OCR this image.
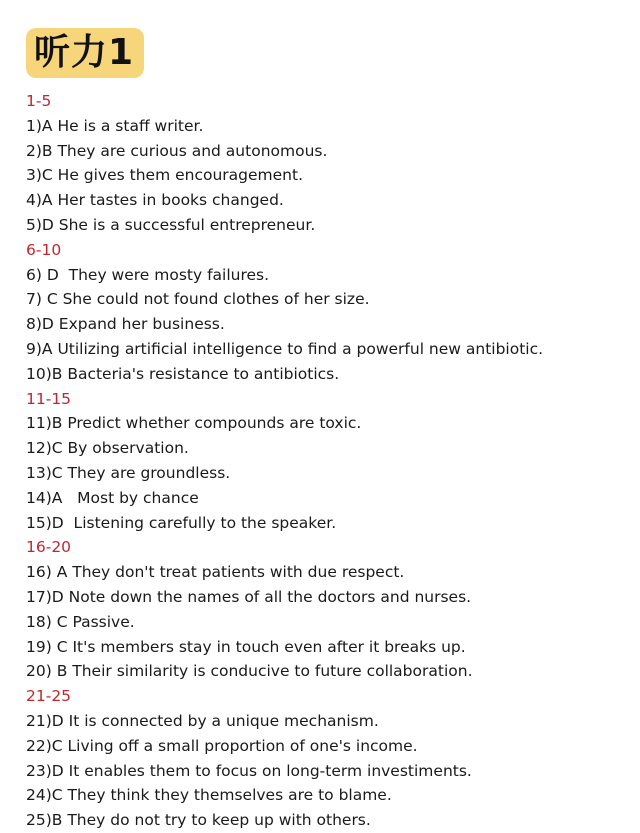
听力1
1-5
1)A He is a staff writer.
2)B They are curious and autonomous.
3)C He gives them encouragement.
4)A Her tastes in books changed.
5)D She is a successful entrepreneur.
6-10
6) D  They were mosty failures.
7) C She could not found clothes of her size.
8)D Expand her business.
9)A Utilizing artificial intelligence to find a powerful new antibiotic.
10)B Bacteria's resistance to antibiotics.
11-15
11)B Predict whether compounds are toxic.
12)C By observation.
13)C They are groundless.
14)A   Most by chance
15)D  Listening carefully to the speaker.
16-20
16) A They don't treat patients with due respect.
17)D Note down the names of all the doctors and nurses.
18) C Passive.
19) C It's members stay in touch even after it breaks up.
20) B Their similarity is conducive to future collaboration.
21-25
21)D It is connected by a unique mechanism.
22)C Living off a small proportion of one's income.
23)D It enables them to focus on long-term investiments.
24)C They think they themselves are to blame.
25)B They do not try to keep up with others.
